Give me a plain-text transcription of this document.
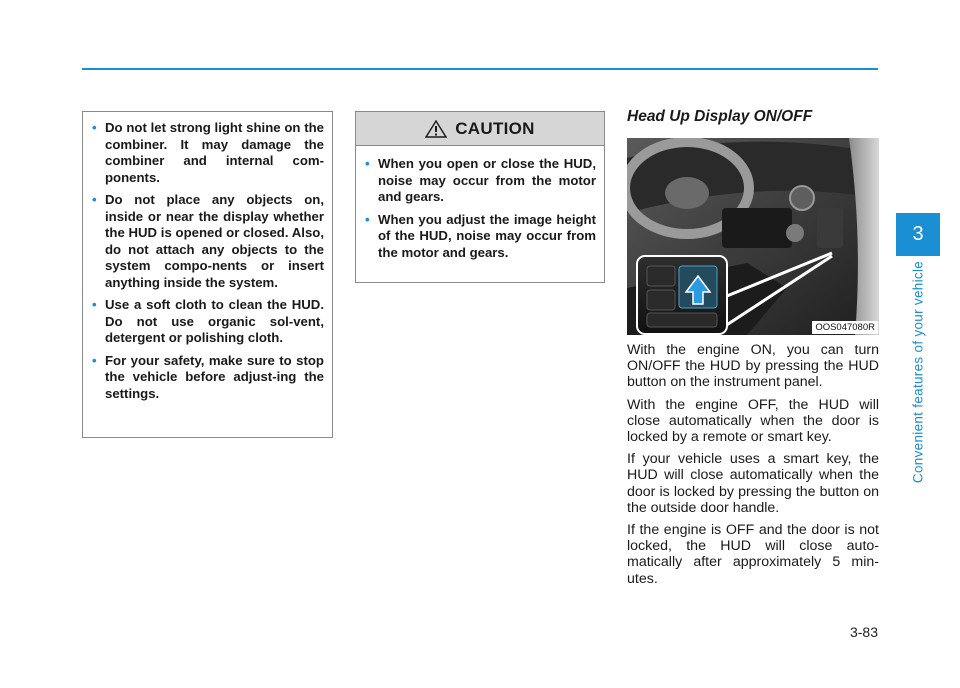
• Do not let strong light shine on the combiner. It may damage the combiner and internal com-ponents.
• Do not place any objects on, inside or near the display whether the HUD is opened or closed. Also, do not attach any objects to the system compo-nents or insert anything inside the system.
• Use a soft cloth to clean the HUD. Do not use organic sol-vent, detergent or polishing cloth.
• For your safety, make sure to stop the vehicle before adjust-ing the settings.
CAUTION
• When you open or close the HUD, noise may occur from the motor and gears.
• When you adjust the image height of the HUD, noise may occur from the motor and gears.
Head Up Display ON/OFF
OOS047080R

With the engine ON, you can turn ON/OFF the HUD by pressing the HUD button on the instrument panel.

With the engine OFF, the HUD will close automatically when the door is locked by a remote or smart key.

If your vehicle uses a smart key, the HUD will close automatically when the door is locked by pressing the button on the outside door handle.

If the engine is OFF and the door is not locked, the HUD will close auto-matically after approximately 5 min-utes.

3
Convenient features of your vehicle
3-83
